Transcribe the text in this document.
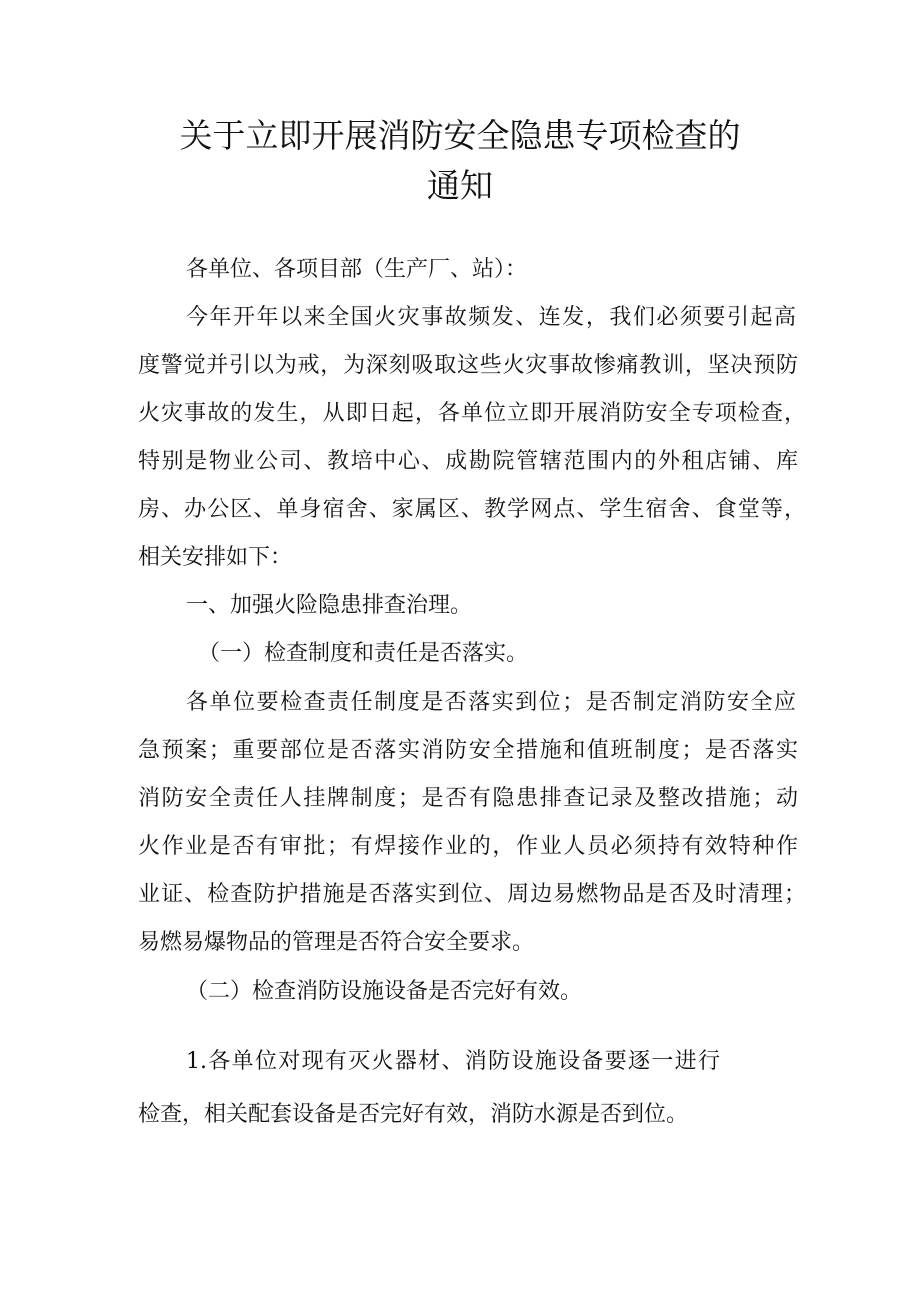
关于立即开展消防安全隐患专项检查的
通知
各单位、各项目部（生产厂、站）：
今年开年以来全国火灾事故频发、连发，我们必须要引起高
度警觉并引以为戒，为深刻吸取这些火灾事故惨痛教训，坚决预防
火灾事故的发生，从即日起，各单位立即开展消防安全专项检查，
特别是物业公司、教培中心、成勘院管辖范围内的外租店铺、库
房、办公区、单身宿舍、家属区、教学网点、学生宿舍、食堂等，
相关安排如下：
一、加强火险隐患排查治理。
（一）检查制度和责任是否落实。
各单位要检查责任制度是否落实到位；是否制定消防安全应
急预案；重要部位是否落实消防安全措施和值班制度；是否落实
消防安全责任人挂牌制度；是否有隐患排查记录及整改措施；动
火作业是否有审批；有焊接作业的，作业人员必须持有效特种作
业证、检查防护措施是否落实到位、周边易燃物品是否及时清理；
易燃易爆物品的管理是否符合安全要求。
（二）检查消防设施设备是否完好有效。
1.各单位对现有灭火器材、消防设施设备要逐一进行
检查，相关配套设备是否完好有效，消防水源是否到位。
